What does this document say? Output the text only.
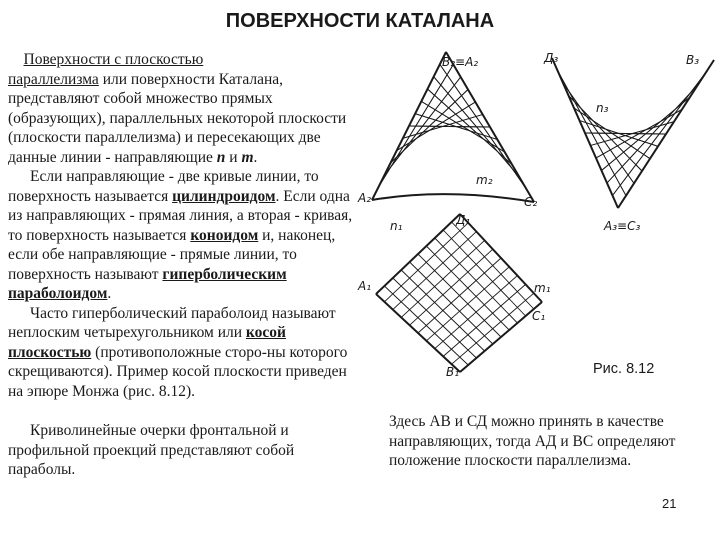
ПОВЕРХНОСТИ КАТАЛАНА

Поверхности с плоскостью
параллелизма или поверхности Каталана, представляют собой множество прямых (образующих), параллельных некоторой плоскости (плоскости параллелизма) и пересекающих две данные линии - направляющие n и m.

Если направляющие - две кривые линии, то поверхность называется цилиндроидом. Если одна из направляющих - прямая линия, а вторая - кривая, то поверхность называется коноидом и, наконец, если обе направляющие - прямые линии, то поверхность называют гиперболическим параболоидом.

Часто гиперболический параболоид называют неплоским четырехугольником или косой плоскостью (противоположные сторо-ны которого скрещиваются). Пример косой плоскости приведен на эпюре Монжа (рис. 8.12).

Криволинейные очерки фронтальной и профильной проекций представляют собой параболы.

B₂≡A₂	Д₃	B₃
n₃
A₂	C₂
m₂
A₃≡C₃
Д₁
n₁
A₁	m₁
C₁
B₁	Рис. 8.12
Здесь АВ и СД можно принять в качестве направляющих, тогда АД и ВС определяют положение плоскости параллелизма.
21
